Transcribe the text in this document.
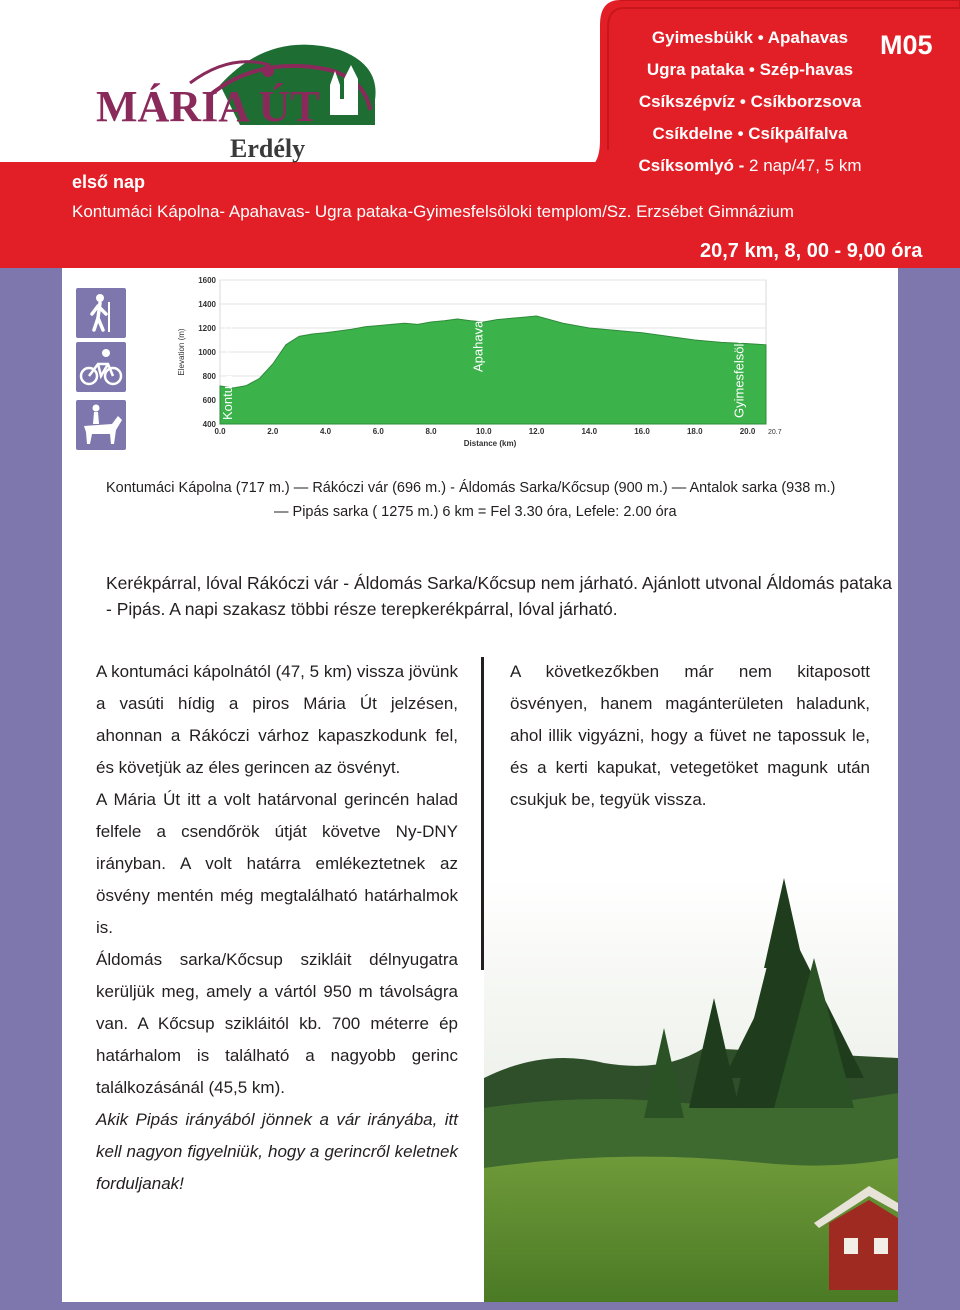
MÁRIA ÚT
Erdély
Gyimesbükk • Apahavas
Ugra pataka • Szép-havas
Csíkszépvíz • Csíkborzsova
Csíkdelne • Csíkpálfalva
Csíksomlyó - 2 nap/47, 5 km
M05
első nap
Kontumáci Kápolna- Apahavas- Ugra pataka-Gyimesfelsöloki templom/Sz. Erzsébet Gimnázium
20,7 km, 8, 00 - 9,00 óra
400
600
800
1000
1200
1400
1600
0.0	2.0	4.0	6.0	8.0	10.0	12.0	14.0	16.0	18.0	20.0 20.7
Elevation (m)
Distance (km)
Kontumáci Kápolna	Apahavas	Gyimesfelsölok
Kontumáci Kápolna (717 m.) — Rákóczi vár (696 m.) - Áldomás Sarka/Kőcsup (900 m.) — Antalok sarka (938 m.)
— Pipás sarka ( 1275 m.) 6 km = Fel 3.30 óra, Lefele: 2.00 óra
Kerékpárral, lóval Rákóczi vár - Áldomás Sarka/Kőcsup nem járható. Ajánlott utvonal Áldomás pataka - Pipás. A napi szakasz többi része terepkerékpárral, lóval járható.

A kontumáci kápolnától (47, 5 km) vissza jövünk a vasúti hídig a piros Mária Út jelzésen, ahonnan a Rákóczi várhoz kapaszkodunk fel, és követjük az éles gerincen az ösvényt.

A Mária Út itt a volt határvonal gerincén halad felfele a csendőrök útját követve Ny-DNY irányban. A volt határra emlékeztetnek az ösvény mentén még megtalálható határhalmok is.

Áldomás sarka/Kőcsup szikláit délnyugatra kerüljük meg, amely a vártól 950 m távolságra van. A Kőcsup szikláitól kb. 700 méterre ép határhalom is található a nagyobb gerinc találkozásánál (45,5 km).

Akik Pipás irányából jönnek a vár irányába, itt kell nagyon figyelniük, hogy a gerincről keletnek forduljanak!

A következőkben már nem kitaposott ösvényen, hanem magánterületen haladunk, ahol illik vigyázni, hogy a füvet ne tapossuk le, és a kerti kapukat, vetegetöket magunk után csukjuk be, tegyük vissza.
